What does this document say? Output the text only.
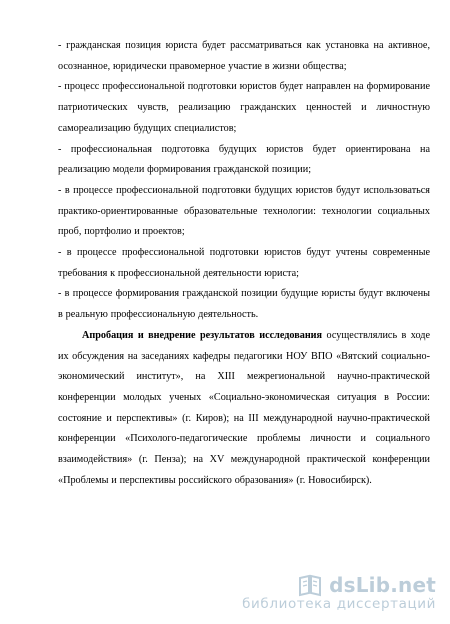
- гражданская позиция юриста будет рассматриваться как установка на активное, осознанное, юридически правомерное участие в жизни общества;

- процесс профессиональной подготовки юристов будет направлен на формирование патриотических чувств, реализацию гражданских ценностей и личностную самореализацию будущих специалистов;

- профессиональная подготовка будущих юристов будет ориентирована на реализацию модели формирования гражданской позиции;

- в процессе профессиональной подготовки будущих юристов будут использоваться практико-ориентированные образовательные технологии: технологии социальных проб, портфолио и проектов;

- в процессе профессиональной подготовки юристов будут учтены современные требования к профессиональной деятельности юриста;

- в процессе формирования гражданской позиции будущие юристы будут включены в реальную профессиональную деятельность.

Апробация и внедрение результатов исследования осуществлялись в ходе их обсуждения на заседаниях кафедры педагогики НОУ ВПО «Вятский социально-экономический институт», на XIII межрегиональной научно-практической конференции молодых ученых «Социально-экономическая ситуация в России: состояние и перспективы» (г. Киров); на III международной научно-практической конференции «Психолого-педагогические проблемы личности и социального взаимодействия» (г. Пенза); на XV международной практической конференции «Проблемы и перспективы российского образования» (г. Новосибирск).

dsLib.net
библиотека диссертаций
